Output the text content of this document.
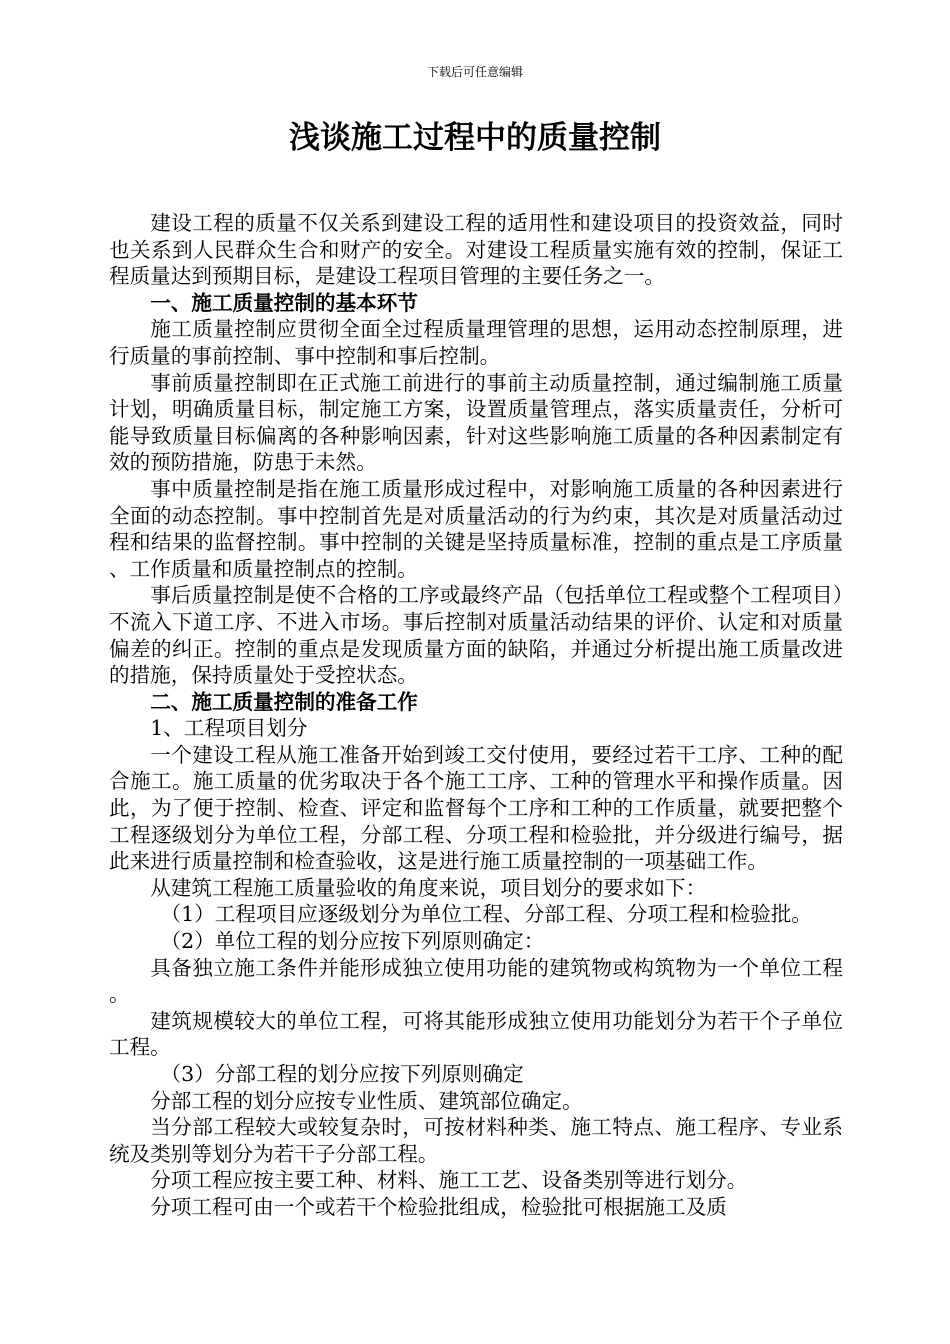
下载后可任意编辑
浅谈施工过程中的质量控制

建设工程的质量不仅关系到建设工程的适用性和建设项目的投资效益，同时也关系到人民群众生合和财产的安全。对建设工程质量实施有效的控制，保证工程质量达到预期目标，是建设工程项目管理的主要任务之一。

一、施工质量控制的基本环节

施工质量控制应贯彻全面全过程质量理管理的思想，运用动态控制原理，进行质量的事前控制、事中控制和事后控制。

事前质量控制即在正式施工前进行的事前主动质量控制，通过编制施工质量计划，明确质量目标，制定施工方案，设置质量管理点，落实质量责任，分析可能导致质量目标偏离的各种影响因素，针对这些影响施工质量的各种因素制定有效的预防措施，防患于未然。

事中质量控制是指在施工质量形成过程中，对影响施工质量的各种因素进行全面的动态控制。事中控制首先是对质量活动的行为约束，其次是对质量活动过程和结果的监督控制。事中控制的关键是坚持质量标准，控制的重点是工序质量、工作质量和质量控制点的控制。

事后质量控制是使不合格的工序或最终产品（包括单位工程或整个工程项目）不流入下道工序、不进入市场。事后控制对质量活动结果的评价、认定和对质量偏差的纠正。控制的重点是发现质量方面的缺陷，并通过分析提出施工质量改进的措施，保持质量处于受控状态。

二、施工质量控制的准备工作

1、工程项目划分

一个建设工程从施工准备开始到竣工交付使用，要经过若干工序、工种的配合施工。施工质量的优劣取决于各个施工工序、工种的管理水平和操作质量。因此，为了便于控制、检查、评定和监督每个工序和工种的工作质量，就要把整个工程逐级划分为单位工程，分部工程、分项工程和检验批，并分级进行编号，据此来进行质量控制和检查验收，这是进行施工质量控制的一项基础工作。

从建筑工程施工质量验收的角度来说，项目划分的要求如下：

（1）工程项目应逐级划分为单位工程、分部工程、分项工程和检验批。

（2）单位工程的划分应按下列原则确定：

具备独立施工条件并能形成独立使用功能的建筑物或构筑物为一个单位工程。

建筑规模较大的单位工程，可将其能形成独立使用功能划分为若干个子单位工程。

（3）分部工程的划分应按下列原则确定

分部工程的划分应按专业性质、建筑部位确定。

当分部工程较大或较复杂时，可按材料种类、施工特点、施工程序、专业系统及类别等划分为若干子分部工程。

分项工程应按主要工种、材料、施工工艺、设备类别等进行划分。

分项工程可由一个或若干个检验批组成，检验批可根据施工及质
